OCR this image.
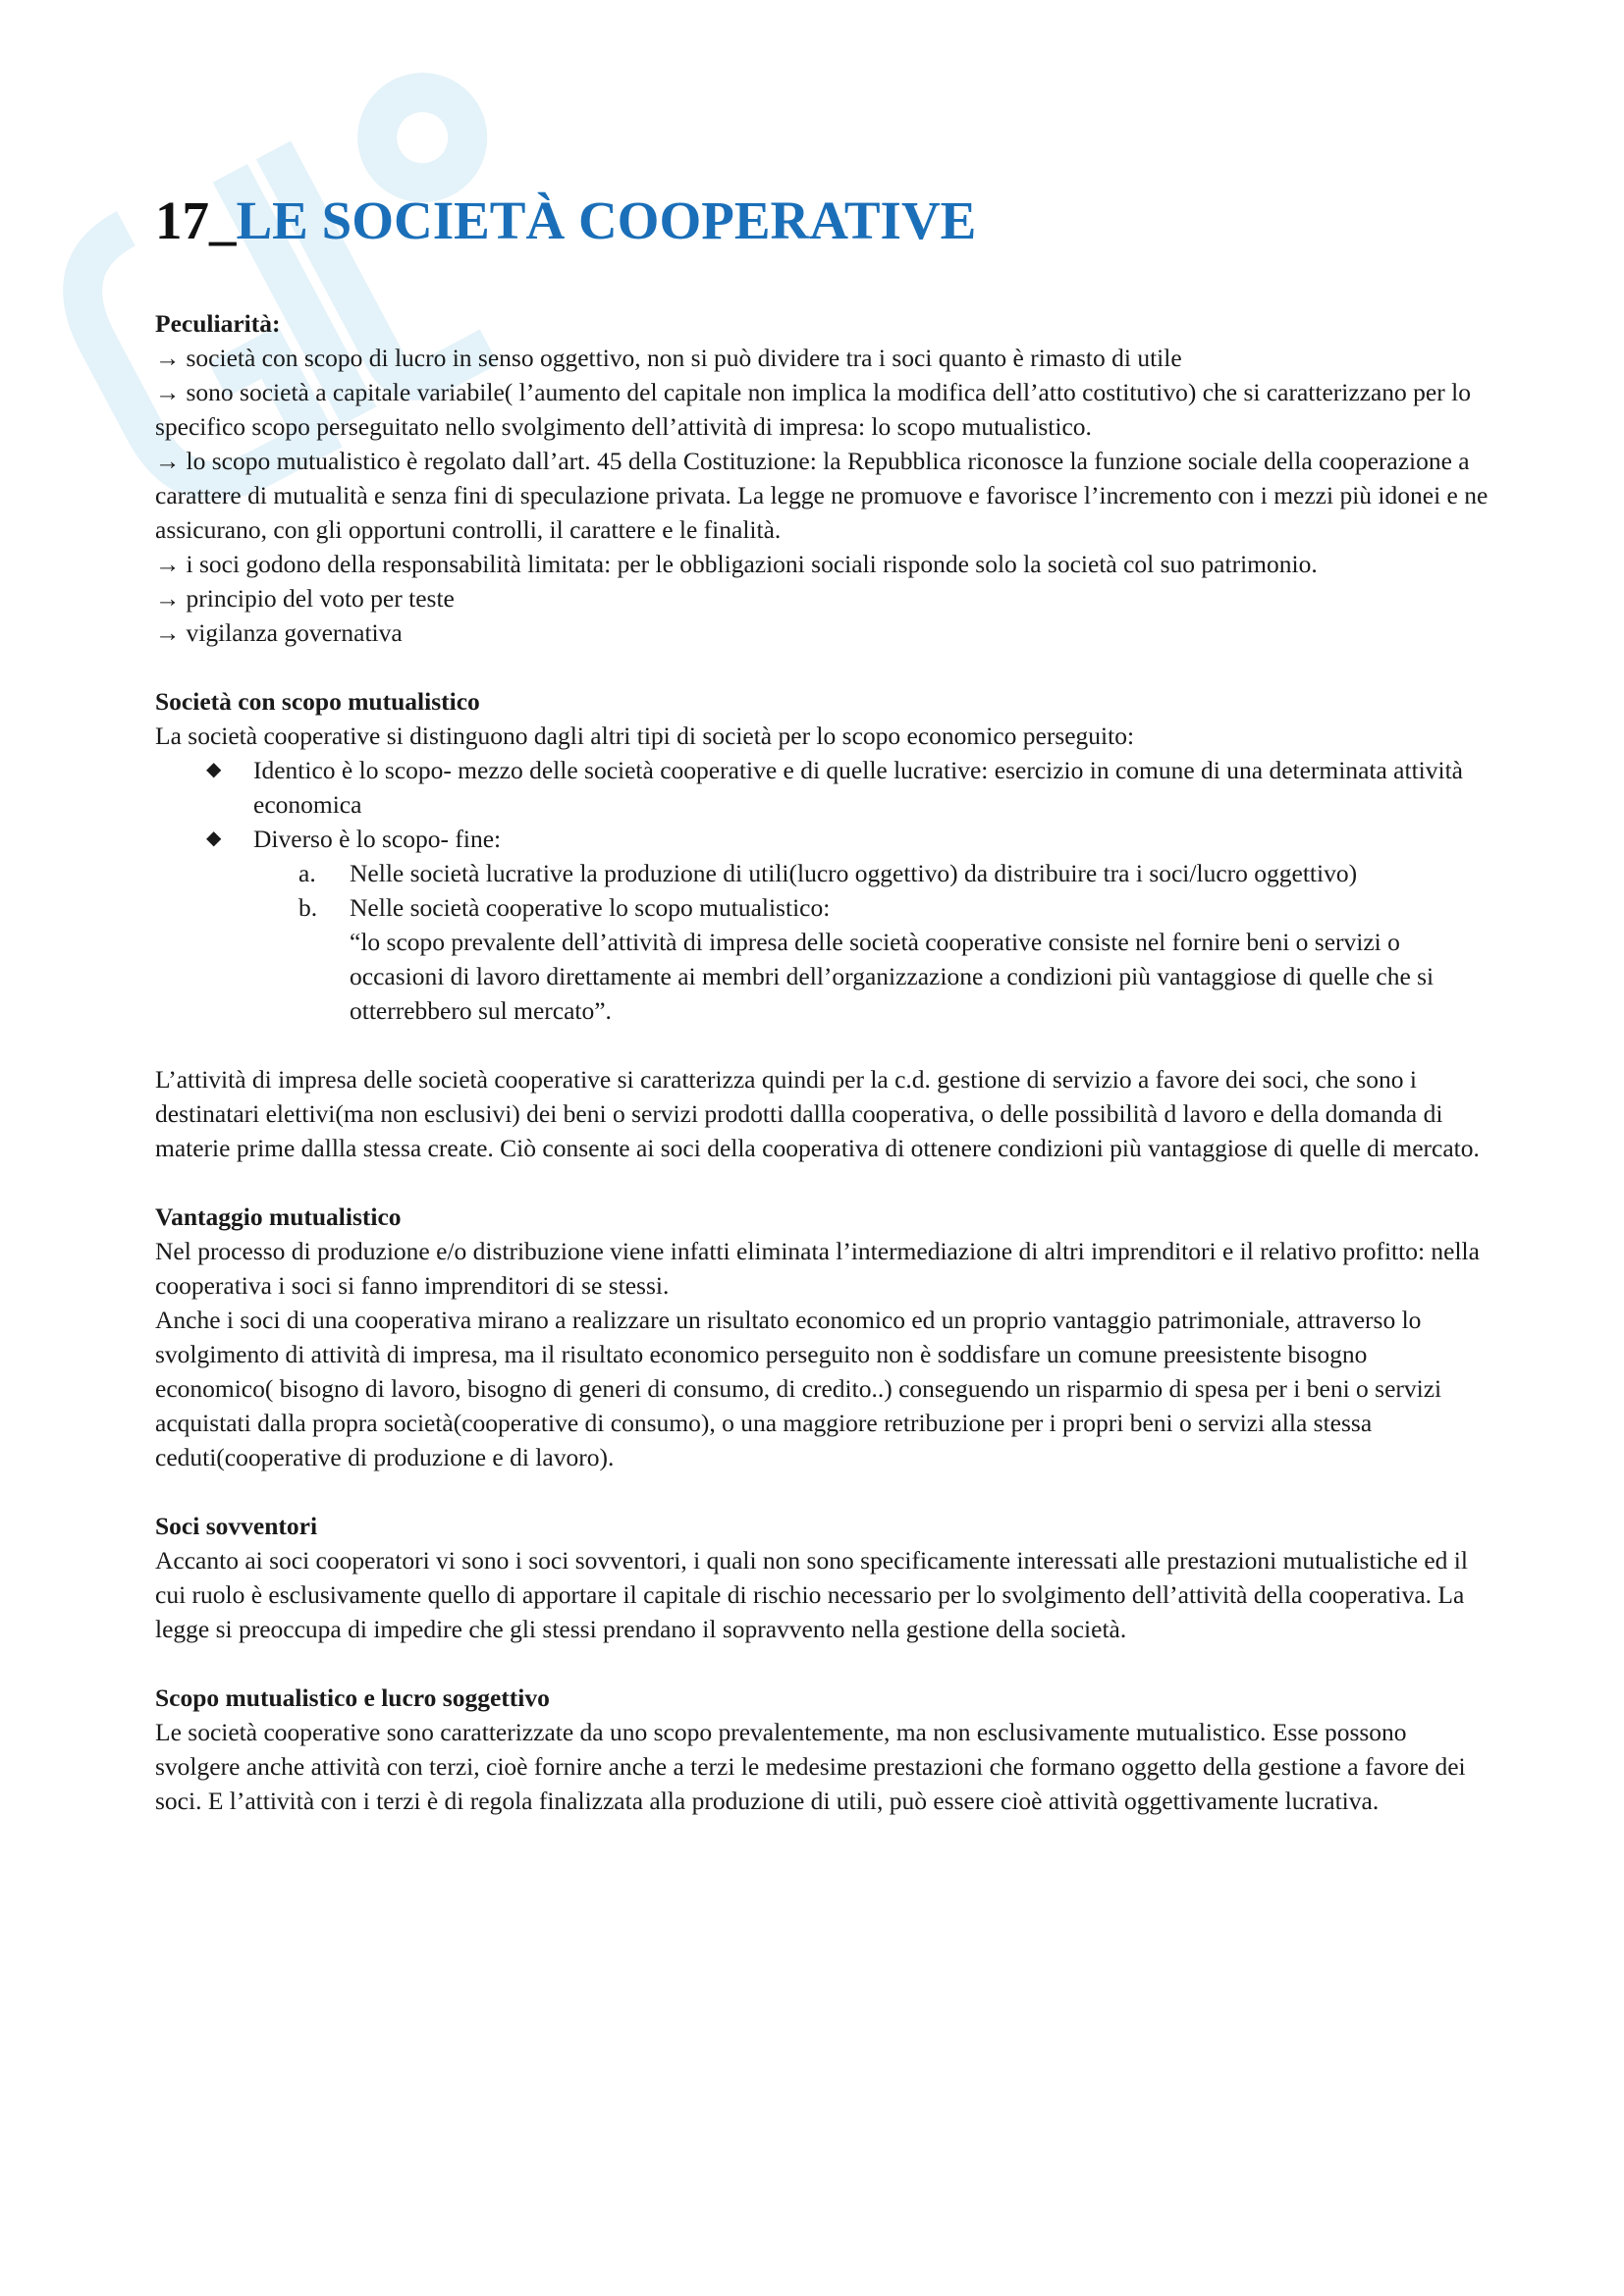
17_LE SOCIETÀ COOPERATIVE
Peculiarità:
→ società con scopo di lucro in senso oggettivo, non si può dividere tra i soci quanto è rimasto di utile
→ sono società a capitale variabile( l’aumento del capitale non implica la modifica dell’atto costitutivo) che si caratterizzano per lo specifico scopo perseguitato nello svolgimento dell’attività di impresa: lo scopo mutualistico.
→ lo scopo mutualistico è regolato dall’art. 45 della Costituzione: la Repubblica riconosce la funzione sociale della cooperazione a carattere di mutualità e senza fini di speculazione privata. La legge ne promuove e favorisce l’incremento con i mezzi più idonei e ne assicurano, con gli opportuni controlli, il carattere e le finalità.
→ i soci godono della responsabilità limitata: per le obbligazioni sociali risponde solo la società col suo patrimonio.
→ principio del voto per teste
→ vigilanza governativa
Società con scopo mutualistico

La società cooperative si distinguono dagli altri tipi di società per lo scopo economico perseguito:

◆ Identico è lo scopo- mezzo delle società cooperative e di quelle lucrative: esercizio in comune di una determinata attività economica
◆ Diverso è lo scopo- fine:
a. Nelle società lucrative la produzione di utili(lucro oggettivo) da distribuire tra i soci/lucro oggettivo)
b. Nelle società cooperative lo scopo mutualistico:
“lo scopo prevalente dell’attività di impresa delle società cooperative consiste nel fornire beni o servizi o occasioni di lavoro direttamente ai membri dell’organizzazione a condizioni più vantaggiose di quelle che si otterrebbero sul mercato”.

L’attività di impresa delle società cooperative si caratterizza quindi per la c.d. gestione di servizio a favore dei soci, che sono i destinatari elettivi(ma non esclusivi) dei beni o servizi prodotti dallla cooperativa, o delle possibilità d lavoro e della domanda di materie prime dallla stessa create. Ciò consente ai soci della cooperativa di ottenere condizioni più vantaggiose di quelle di mercato.

Vantaggio mutualistico

Nel processo di produzione e/o distribuzione viene infatti eliminata l’intermediazione di altri imprenditori e il relativo profitto: nella cooperativa i soci si fanno imprenditori di se stessi.

Anche i soci di una cooperativa mirano a realizzare un risultato economico ed un proprio vantaggio patrimoniale, attraverso lo svolgimento di attività di impresa, ma il risultato economico perseguito non è soddisfare un comune preesistente bisogno economico( bisogno di lavoro, bisogno di generi di consumo, di credito..) conseguendo un risparmio di spesa per i beni o servizi acquistati dalla propra società(cooperative di consumo), o una maggiore retribuzione per i propri beni o servizi alla stessa ceduti(cooperative di produzione e di lavoro).

Soci sovventori

Accanto ai soci cooperatori vi sono i soci sovventori, i quali non sono specificamente interessati alle prestazioni mutualistiche ed il cui ruolo è esclusivamente quello di apportare il capitale di rischio necessario per lo svolgimento dell’attività della cooperativa. La legge si preoccupa di impedire che gli stessi prendano il sopravvento nella gestione della società.

Scopo mutualistico e lucro soggettivo

Le società cooperative sono caratterizzate da uno scopo prevalentemente, ma non esclusivamente mutualistico. Esse possono svolgere anche attività con terzi, cioè fornire anche a terzi le medesime prestazioni che formano oggetto della gestione a favore dei soci. E l’attività con i terzi è di regola finalizzata alla produzione di utili, può essere cioè attività oggettivamente lucrativa.
